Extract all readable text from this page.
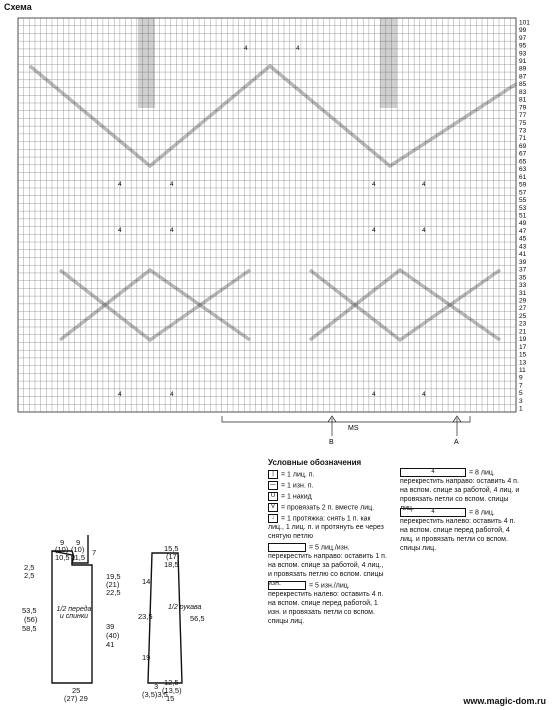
Схема
1
3
5
7
9
11
13
15
17
19
21
23
25
27
29
31
33
35
37
39
41
43
45
47
49
51
53
55
57
59
61
63
65
67
69
71
73
75
77
79
81
83
85
87
89
91
93
95
97
99
101
4	4
4	4	4	4
4	4	4	4
4	4	4	4
B
MS
A
Условные обозначения
| = 1 лиц. п.
— = 1 изн. п.
U = 1 накид
V = провязать 2 п. вместе лиц.
↓ = 1 протяжка: снять 1 п. как лиц., 1 лиц. п. и протянуть ее через снятую петлю
= 5 лиц./изн. перекрестить направо: оставить 1 п. на вспом. спице за работой, 4 лиц., и провязать петлю со вспом. спицы изн.	= 5 изн./лиц. перекрестить налево: оставить 4 п. на вспом. спице перед работой, 1 изн. и провязать петли со вспом. спицы лиц.
4	= 8 лиц. перекрестить направо: оставить 4 п. на вспом. спице за работой, 4 лиц. и провязать петли со вспом. спицы лиц.	4	= 8 лиц. перекрестить налево: оставить 4 п. на вспом. спице перед работой, 4 лиц. и провязать петли со вспом. спицы лиц.
9 9
(10) (10)
10,5 11,5
7
2,5
2,5
53,5
(56)
58,5
19,5
(21)
22,5
39
(40)
41
1/2 переда и спинки
25
(27) 29
15,5
(17)
18,5
14
23,5
19
56,5
1/2 рукава
12,5
(13,5)
15
3
(3,5)3,5
www.magic-dom.ru
